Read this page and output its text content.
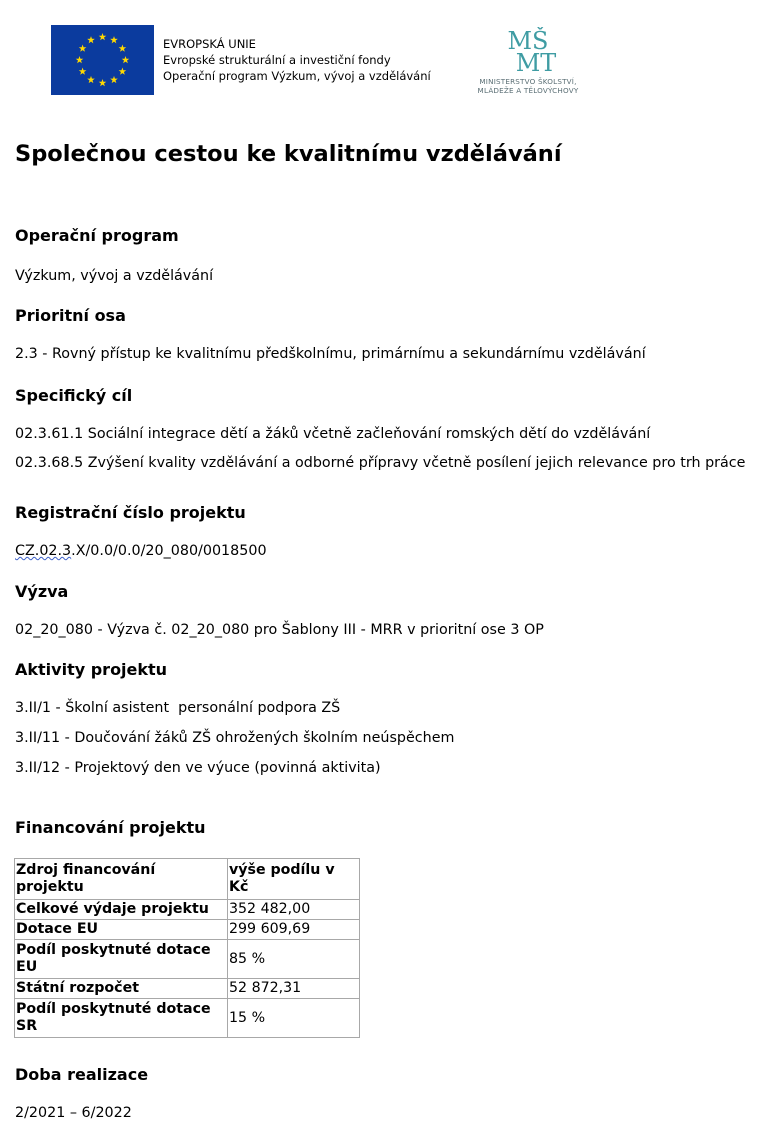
EVROPSKÁ UNIE
Evropské strukturální a investiční fondy
Operační program Výzkum, vývoj a vzdělávání
MŠ
MT
MINISTERSTVO ŠKOLSTVÍ,
MLÁDEŽE A TĚLOVÝCHOVY
Společnou cestou ke kvalitnímu vzdělávání
Operační program

Výzkum, vývoj a vzdělávání

Prioritní osa

2.3 - Rovný přístup ke kvalitnímu předškolnímu, primárnímu a sekundárnímu vzdělávání

Specifický cíl

02.3.61.1 Sociální integrace dětí a žáků včetně začleňování romských dětí do vzdělávání

02.3.68.5 Zvýšení kvality vzdělávání a odborné přípravy včetně posílení jejich relevance pro trh práce

Registrační číslo projektu

CZ.02.3.X/0.0/0.0/20_080/0018500

Výzva

02_20_080 - Výzva č. 02_20_080 pro Šablony III - MRR v prioritní ose 3 OP

Aktivity projektu

3.II/1 - Školní asistent  personální podpora ZŠ

3.II/11 - Doučování žáků ZŠ ohrožených školním neúspěchem

3.II/12 - Projektový den ve výuce (povinná aktivita)

Financování projektu
Zdroj financování projektu	výše podílu v Kč
Celkové výdaje projektu	352 482,00
Dotace EU	299 609,69
Podíl poskytnuté dotace EU	85 %
Státní rozpočet	52 872,31
Podíl poskytnuté dotace SR	15 %
Doba realizace

2/2021 – 6/2022
